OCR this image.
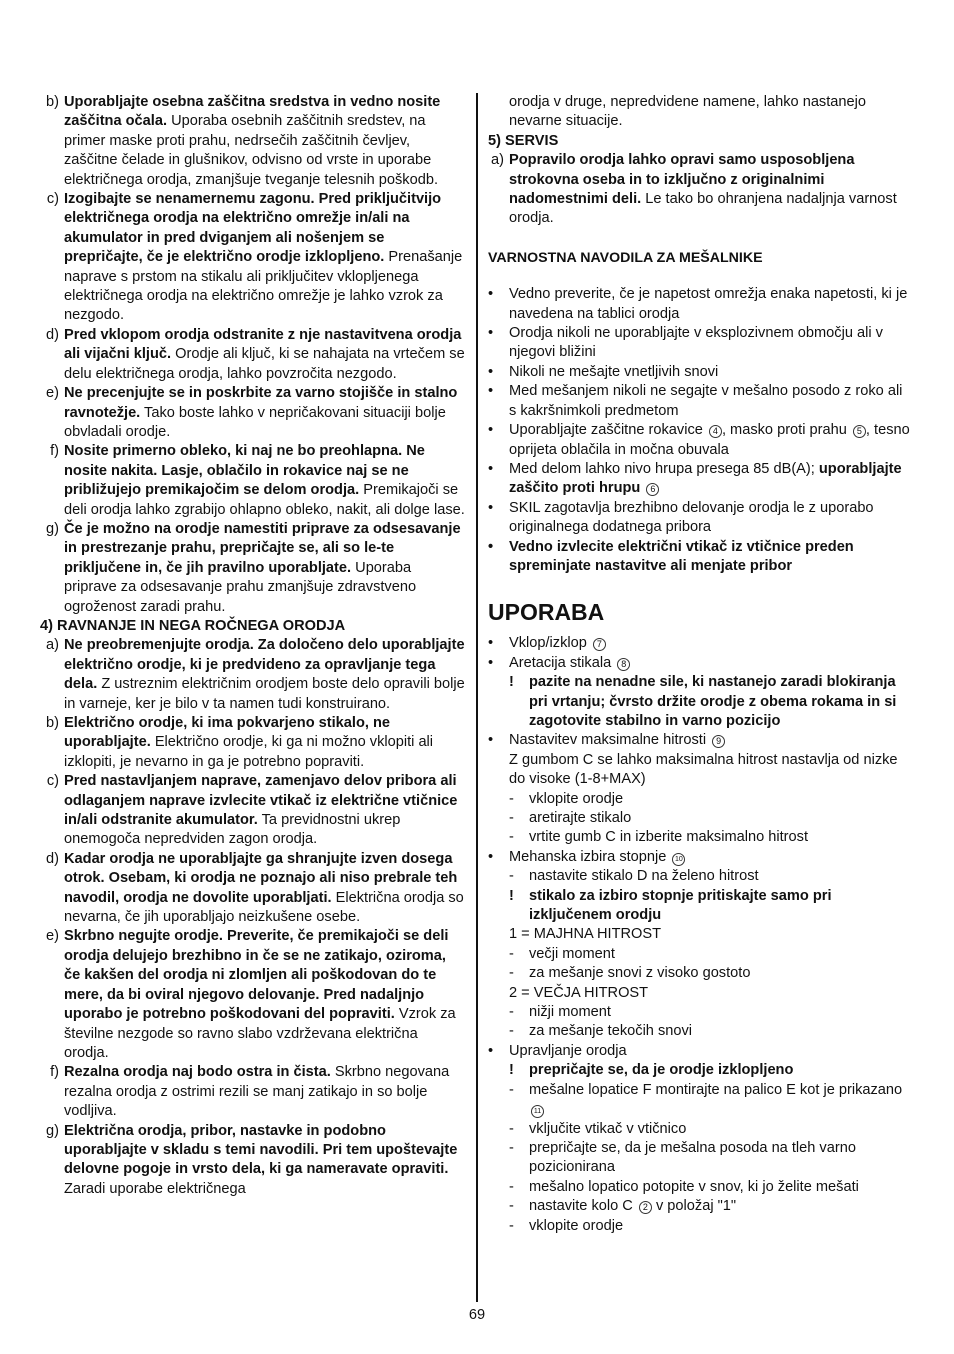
b) Uporabljajte osebna zaščitna sredstva in vedno nosite zaščitna očala. Uporaba osebnih zaščitnih sredstev, na primer maske proti prahu, nedrsečih zaščitnih čevljev, zaščitne čelade in glušnikov, odvisno od vrste in uporabe električnega orodja, zmanjšuje tveganje telesnih poškodb.
c) Izogibajte se nenamernemu zagonu. Pred priključitvijo električnega orodja na električno omrežje in/ali na akumulator in pred dviganjem ali nošenjem se prepričajte, če je električno orodje izklopljeno. Prenašanje naprave s prstom na stikalu ali priključitev vklopljenega električnega orodja na električno omrežje je lahko vzrok za nezgodo.
d) Pred vklopom orodja odstranite z nje nastavitvena orodja ali vijačni ključ. Orodje ali ključ, ki se nahajata na vrtečem se delu električnega orodja, lahko povzročita nezgodo.
e) Ne precenjujte se in poskrbite za varno stojišče in stalno ravnotežje. Tako boste lahko v nepričakovani situaciji bolje obvladali orodje.
f) Nosite primerno obleko, ki naj ne bo preohlapna. Ne nosite nakita. Lasje, oblačilo in rokavice naj se ne približujejo premikajočim se delom orodja. Premikajoči se deli orodja lahko zgrabijo ohlapno obleko, nakit, ali dolge lase.
g) Če je možno na orodje namestiti priprave za odsesavanje in prestrezanje prahu, prepričajte se, ali so le-te priključene in, če jih pravilno uporabljate. Uporaba priprave za odsesavanje prahu zmanjšuje zdravstveno ogroženost zaradi prahu.
4) RAVNANJE IN NEGA ROČNEGA ORODJA
a) Ne preobremenjujte orodja. Za določeno delo uporabljajte električno orodje, ki je predvideno za opravljanje tega dela. Z ustreznim električnim orodjem boste delo opravili bolje in varneje, ker je bilo v ta namen tudi konstruirano.
b) Električno orodje, ki ima pokvarjeno stikalo, ne uporabljajte. Električno orodje, ki ga ni možno vklopiti ali izklopiti, je nevarno in ga je potrebno popraviti.
c) Pred nastavljanjem naprave, zamenjavo delov pribora ali odlaganjem naprave izvlecite vtikač iz električne vtičnice in/ali odstranite akumulator. Ta previdnostni ukrep onemogoča nepredviden zagon orodja.
d) Kadar orodja ne uporabljajte ga shranjujte izven dosega otrok. Osebam, ki orodja ne poznajo ali niso prebrale teh navodil, orodja ne dovolite uporabljati. Električna orodja so nevarna, če jih uporabljajo neizkušene osebe.
e) Skrbno negujte orodje. Preverite, če premikajoči se deli orodja delujejo brezhibno in če se ne zatikajo, oziroma, če kakšen del orodja ni zlomljen ali poškodovan do te mere, da bi oviral njegovo delovanje. Pred nadaljnjo uporabo je potrebno poškodovani del popraviti. Vzrok za številne nezgode so ravno slabo vzdrževana električna orodja.
f) Rezalna orodja naj bodo ostra in čista. Skrbno negovana rezalna orodja z ostrimi rezili se manj zatikajo in so bolje vodljiva.
g) Električna orodja, pribor, nastavke in podobno uporabljajte v skladu s temi navodili. Pri tem upoštevajte delovne pogoje in vrsto dela, ki ga nameravate opraviti. Zaradi uporabe električnega
orodja v druge, nepredvidene namene, lahko nastanejo nevarne situacije.
5) SERVIS
a) Popravilo orodja lahko opravi samo usposobljena strokovna oseba in to izključno z originalnimi nadomestnimi deli. Le tako bo ohranjena nadaljnja varnost orodja.
VARNOSTNA NAVODILA ZA MEŠALNIKE
•	Vedno preverite, če je napetost omrežja enaka napetosti, ki je navedena na tablici orodja
•	Orodja nikoli ne uporabljajte v eksplozivnem območju ali v njegovi bližini
•	Nikoli ne mešajte vnetljivih snovi
•	Med mešanjem nikoli ne segajte v mešalno posodo z roko ali s kakršnimkoli predmetom
•	Uporabljajte zaščitne rokavice 4 , masko proti prahu 5 , tesno oprijeta oblačila in močna obuvala
•	Med delom lahko nivo hrupa presega 85 dB(A); uporabljajte zaščito proti hrupu 6
•	SKIL zagotavlja brezhibno delovanje orodja le z uporabo originalnega dodatnega pribora
•	Vedno izvlecite električni vtikač iz vtičnice preden spreminjate nastavitve ali menjate pribor
UPORABA
•	Vklop/izklop 7
•	Aretacija stikala 8
!	pazite na nenadne sile, ki nastanejo zaradi blokiranja pri vrtanju; čvrsto držite orodje z obema rokama in si zagotovite stabilno in varno pozicijo
•	Nastavitev maksimalne hitrosti 9
Z gumbom C se lahko maksimalna hitrost nastavlja od nizke do visoke (1-8+MAX)
-	vklopite orodje
-	aretirajte stikalo
-	vrtite gumb C in izberite maksimalno hitrost
•	Mehanska izbira stopnje 10
-	nastavite stikalo D na želeno hitrost
!	stikalo za izbiro stopnje pritiskajte samo pri izključenem orodju
1 = MAJHNA HITROST
-	večji moment
-	za mešanje snovi z visoko gostoto
2 = VEČJA HITROST
-	nižji moment
-	za mešanje tekočih snovi
•	Upravljanje orodja
!	prepričajte se, da je orodje izklopljeno
-	mešalne lopatice F montirajte na palico E kot je prikazano 11
-	vključite vtikač v vtičnico
-	prepričajte se, da je mešalna posoda na tleh varno pozicionirana
-	mešalno lopatico potopite v snov, ki jo želite mešati
-	nastavite kolo C 2 v položaj "1"
-	vklopite orodje
69
